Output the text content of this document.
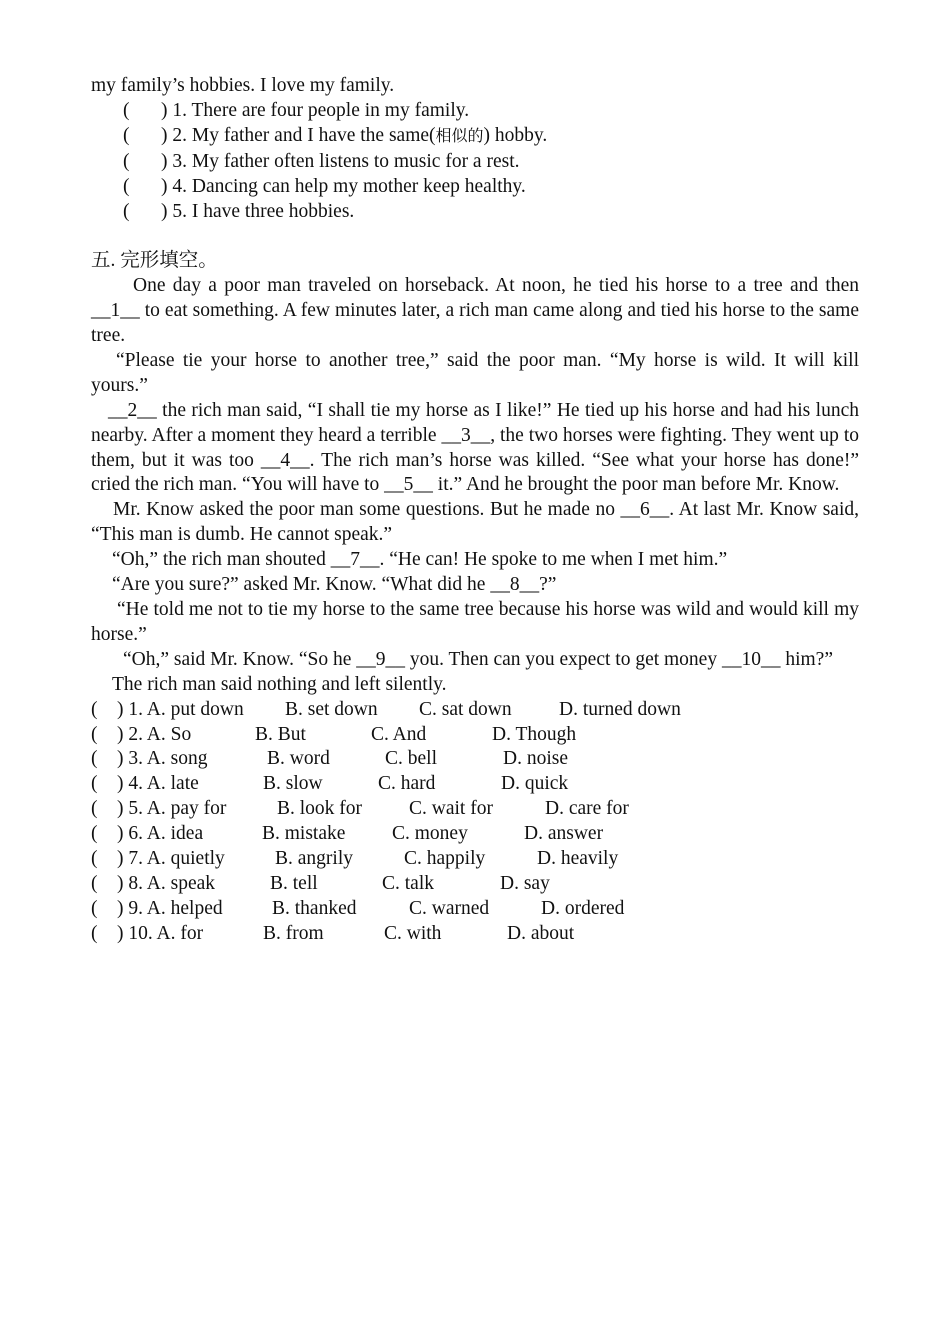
my family’s hobbies. I love my family.
( ) 1. There are four people in my family.
( ) 2. My father and I have the same(相似的) hobby.
( ) 3. My father often listens to music for a rest.
( ) 4. Dancing can help my mother keep healthy.
( ) 5. I have three hobbies.
五. 完形填空。
One day a poor man traveled on horseback. At noon, he tied his horse to a tree and then __1__ to eat something. A few minutes later, a rich man came along and tied his horse to the same tree.
“Please tie your horse to another tree,” said the poor man. “My horse is wild. It will kill yours.”
__2__ the rich man said, “I shall tie my horse as I like!” He tied up his horse and had his lunch nearby. After a moment they heard a terrible __3__, the two horses were fighting. They went up to them, but it was too __4__. The rich man’s horse was killed. “See what your horse has done!” cried the rich man. “You will have to __5__ it.” And he brought the poor man before Mr. Know.
Mr. Know asked the poor man some questions. But he made no __6__. At last Mr. Know said, “This man is dumb. He cannot speak.”
“Oh,” the rich man shouted __7__. “He can! He spoke to me when I met him.”
“Are you sure?” asked Mr. Know. “What did he __8__?”
“He told me not to tie my horse to the same tree because his horse was wild and would kill my horse.”
“Oh,” said Mr. Know. “So he __9__ you. Then can you expect to get money __10__ him?”
The rich man said nothing and left silently.
( ) 1. A. put down B. set down C. sat down D. turned down
( ) 2. A. So	B. But	C. And	D. Though
( ) 3. A. song	B. word	C. bell	D. noise
( ) 4. A. late	B. slow	C. hard	D. quick
( ) 5. A. pay for	B. look for C. wait for	D. care for
( ) 6. A. idea	B. mistake C. money	D. answer
( ) 7. A. quietly	B. angrily	C. happily	D. heavily
( ) 8. A. speak	B. tell	C. talk	D. say
( ) 9. A. helped	B. thanked	C. warned	D. ordered
( ) 10. A. for	B. from	C. with	D. about
